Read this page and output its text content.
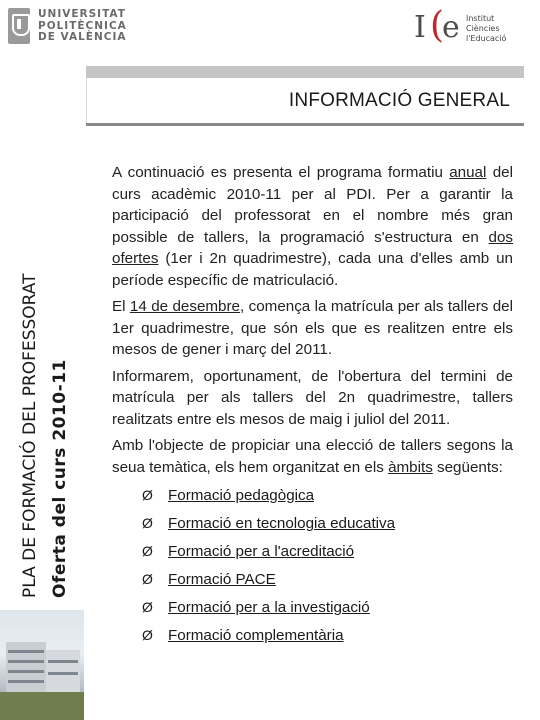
UNIVERSITAT
POLITÈCNICA
DE VALÈNCIA	I (
e Institut
Ciències
l'Educació
INFORMACIÓ GENERAL
PLA DE FORMACIÓ DEL PROFESSORAT Oferta del curs 2010-11

A continuació es presenta el programa formatiu anual del curs acadèmic 2010-11 per al PDI. Per a garantir la participació del professorat en el nombre més gran possible de tallers, la programació s'estructura en dos ofertes (1er i 2n quadrimestre), cada una d'elles amb un període específic de matriculació.

El 14 de desembre, comença la matrícula per als tallers del 1er quadrimestre, que són els que es realitzen entre els mesos de gener i març del 2011.

Informarem, oportunament, de l'obertura del termini de matrícula per als tallers del 2n quadrimestre, tallers realitzats entre els mesos de maig i juliol del 2011.

Amb l'objecte de propiciar una elecció de tallers segons la seua temàtica, els hem organitzat en els àmbits següents:

Ø Formació pedagògica
Ø Formació en tecnologia educativa
Ø Formació per a l'acreditació
Ø Formació PACE
Ø Formació per a la investigació
Ø Formació complementària
